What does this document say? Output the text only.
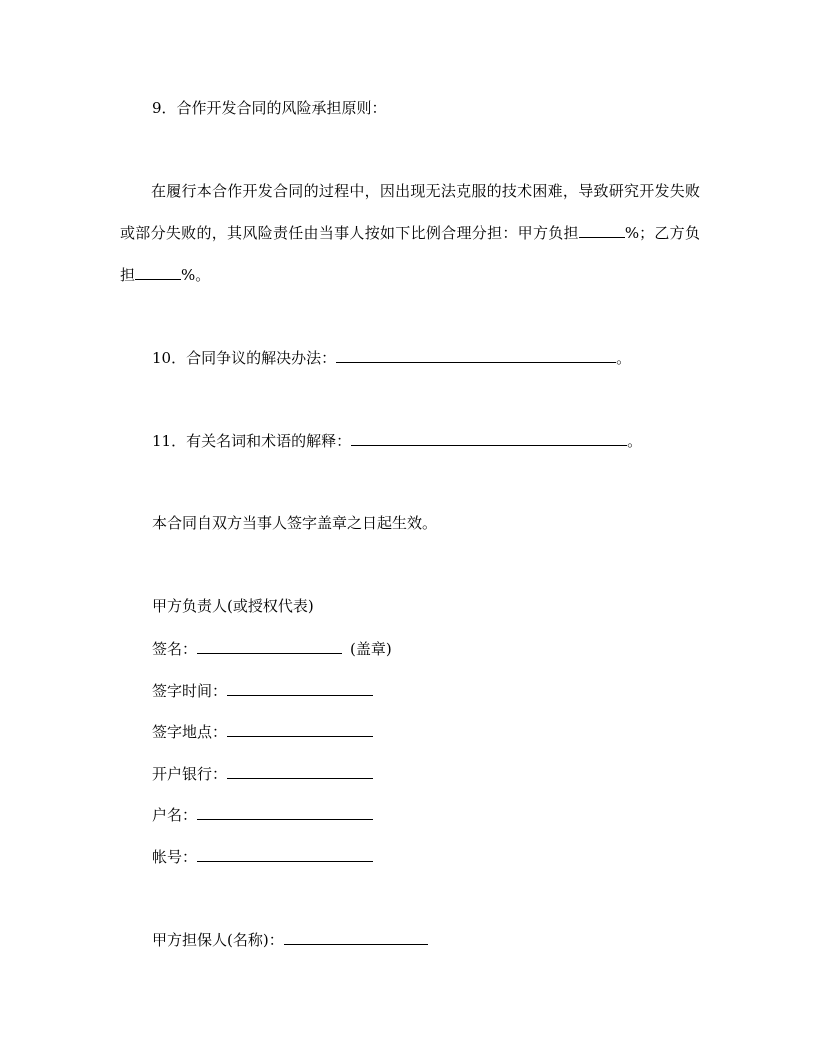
9．合作开发合同的风险承担原则：
在履行本合作开发合同的过程中，因出现无法克服的技术困难，导致研究开发失败或部分失败的，其风险责任由当事人按如下比例合理分担：甲方负担	%；乙方负担	%。
10．合同争议的解决办法：	。
11．有关名词和术语的解释：	。
本合同自双方当事人签字盖章之日起生效。
甲方负责人(或授权代表)
签名：	(盖章)
签字时间：
签字地点：
开户银行：
户名：
帐号：
甲方担保人(名称)：
